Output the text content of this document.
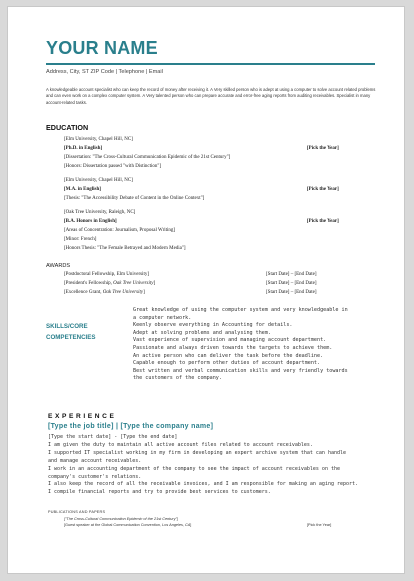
YOUR NAME
Address, City, ST ZIP Code | Telephone | Email
A knowledgeable account specialist who can keep the record of money after receiving it. A Very skilled person who is adept at using a computer to solve account related problems and can even work on a complex computer system. A Very talented person who can prepare accurate and error-free aging reports from auditing receivables. Specialist in many account-related tasks.
EDUCATION
[Elm University, Chapel Hill, NC]
[Ph.D. in English]	[Pick the Year]
[Dissertation: "The Cross-Cultural Communication Epidemic of the 21st Century"]
[Honors: Dissertation passed "with Distinction"]
[Elm University, Chapel Hill, NC]
[M.A. in English]	[Pick the Year]
[Thesis: "The Accessibility Debate of Content in the Online Context"]
[Oak Tree University, Raleigh, NC]
[B.A. Honors in English]	[Pick the Year]
[Areas of Concentration: Journalism, Proposal Writing]
[Minor: French]
[Honors Thesis: "The Female Betrayed and Modern Media"]
AWARDS
[Postdoctoral Fellowship, Elm University]	[Start Date] – [End Date]
[President's Fellowship, Oak Tree University]	[Start Date] – [End Date]
[Excellence Grant, Oak Tree University]	[Start Date] – [End Date]
SKILLS/CORE
COMPETENCIES
Great knowledge of using the computer system and very knowledgeable in
a computer network.
Keenly observe everything in Accounting for details.
Adept at solving problems and analysing them.
Vast experience of supervision and managing account department.
Passionate and always driven towards the targets to achieve them.
An active person who can deliver the task before the deadline.
Capable enough to perform other duties of account department.
Best written and verbal communication skills and very friendly towards
the customers of the company.
EXPERIENCE
[Type the job title] | [Type the company name]
[Type the start date] - [Type the end date]
I am given the duty to maintain all active account files related to account receivables.
I supported IT specialist working in my firm in developing an expert archive system that can handle
and manage account receivables.
I work in an accounting department of the company to see the impact of account receivables on the
company's customer's relations.
I also keep the record of all the receivable invoices, and I am responsible for making an aging report.
I compile financial reports and try to provide best services to customers.
PUBLICATIONS AND PAPERS
["The Cross-Cultural Communication Epidemic of the 21st Century"]
[Guest speaker at the Global Communication Convention, Los Angeles, CA]	[Pick the Year]
